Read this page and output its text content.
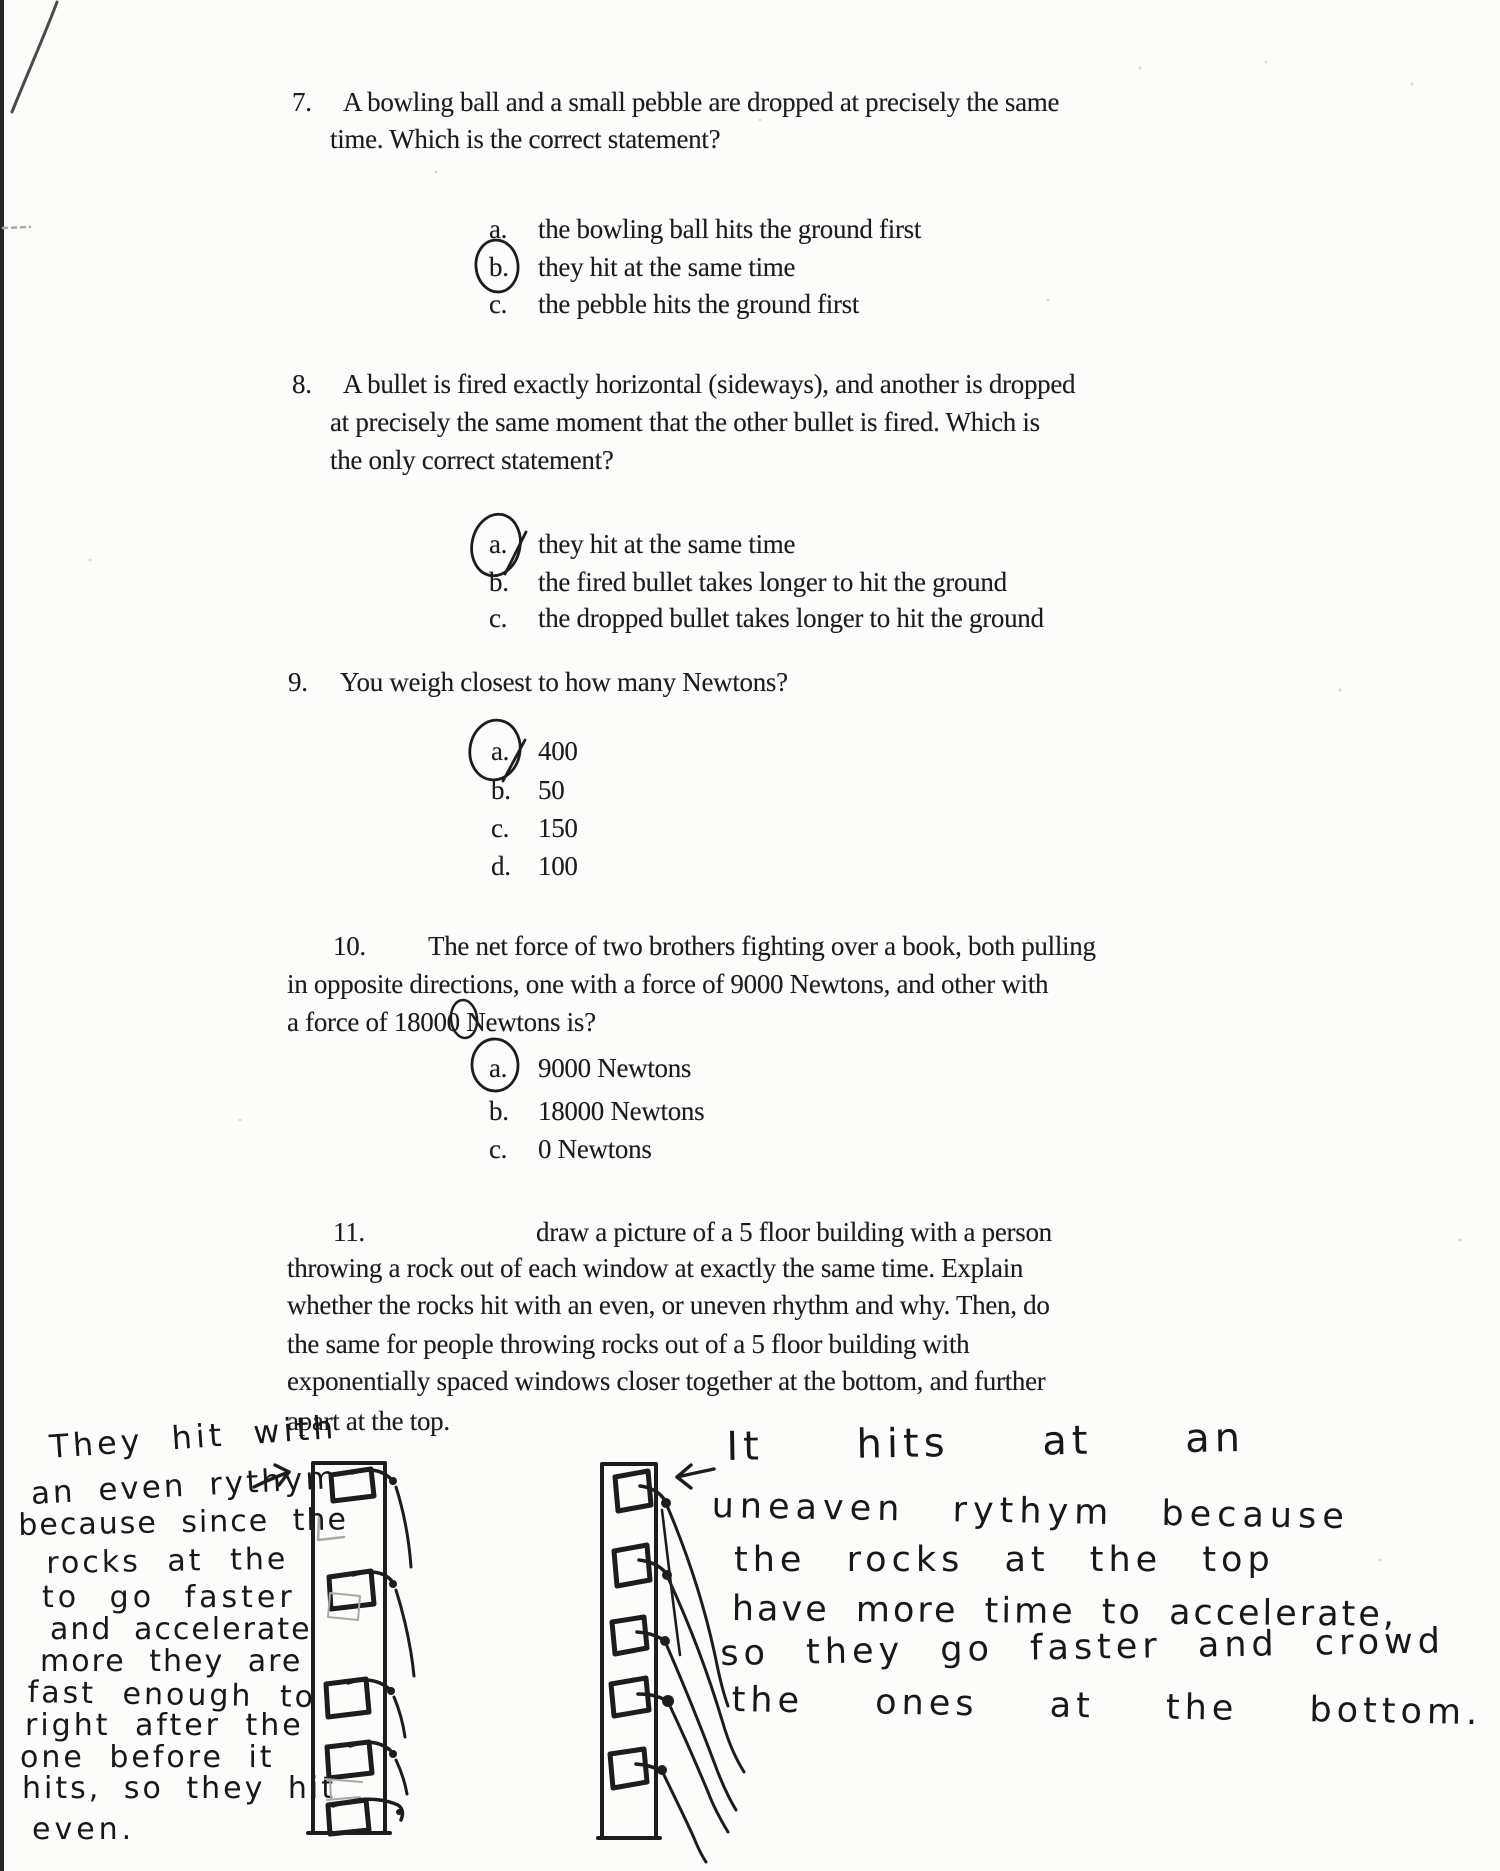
7. A bowling ball and a small pebble are dropped at precisely the same
time. Which is the correct statement?
a. the bowling ball hits the ground first
b. they hit at the same time
c. the pebble hits the ground first
8. A bullet is fired exactly horizontal (sideways), and another is dropped
at precisely the same moment that the other bullet is fired. Which is
the only correct statement?
a. they hit at the same time
b. the fired bullet takes longer to hit the ground
c. the dropped bullet takes longer to hit the ground
9. You weigh closest to how many Newtons?
a. 400
b. 50
c. 150
d. 100
10. The net force of two brothers fighting over a book, both pulling
in opposite directions, one with a force of 9000 Newtons, and other with
a force of 18000 Newtons is?
a. 9000 Newtons
b. 18000 Newtons
c. 0 Newtons
11.	draw a picture of a 5 floor building with a person
throwing a rock out of each window at exactly the same time. Explain
whether the rocks hit with an even, or uneven rhythm and why. Then, do
the same for people throwing rocks out of a 5 floor building with
exponentially spaced windows closer together at the bottom, and further
apart at the top.
They hit with
an even rythym
because since the
rocks at the
to go faster
and accelerate
more they are
fast enough to
right after the
one before it
hits, so they hit
even.
It hits at an
uneaven rythym because
the rocks at the top
have more time to accelerate,
so they go faster and crowd
the ones at the bottom.
